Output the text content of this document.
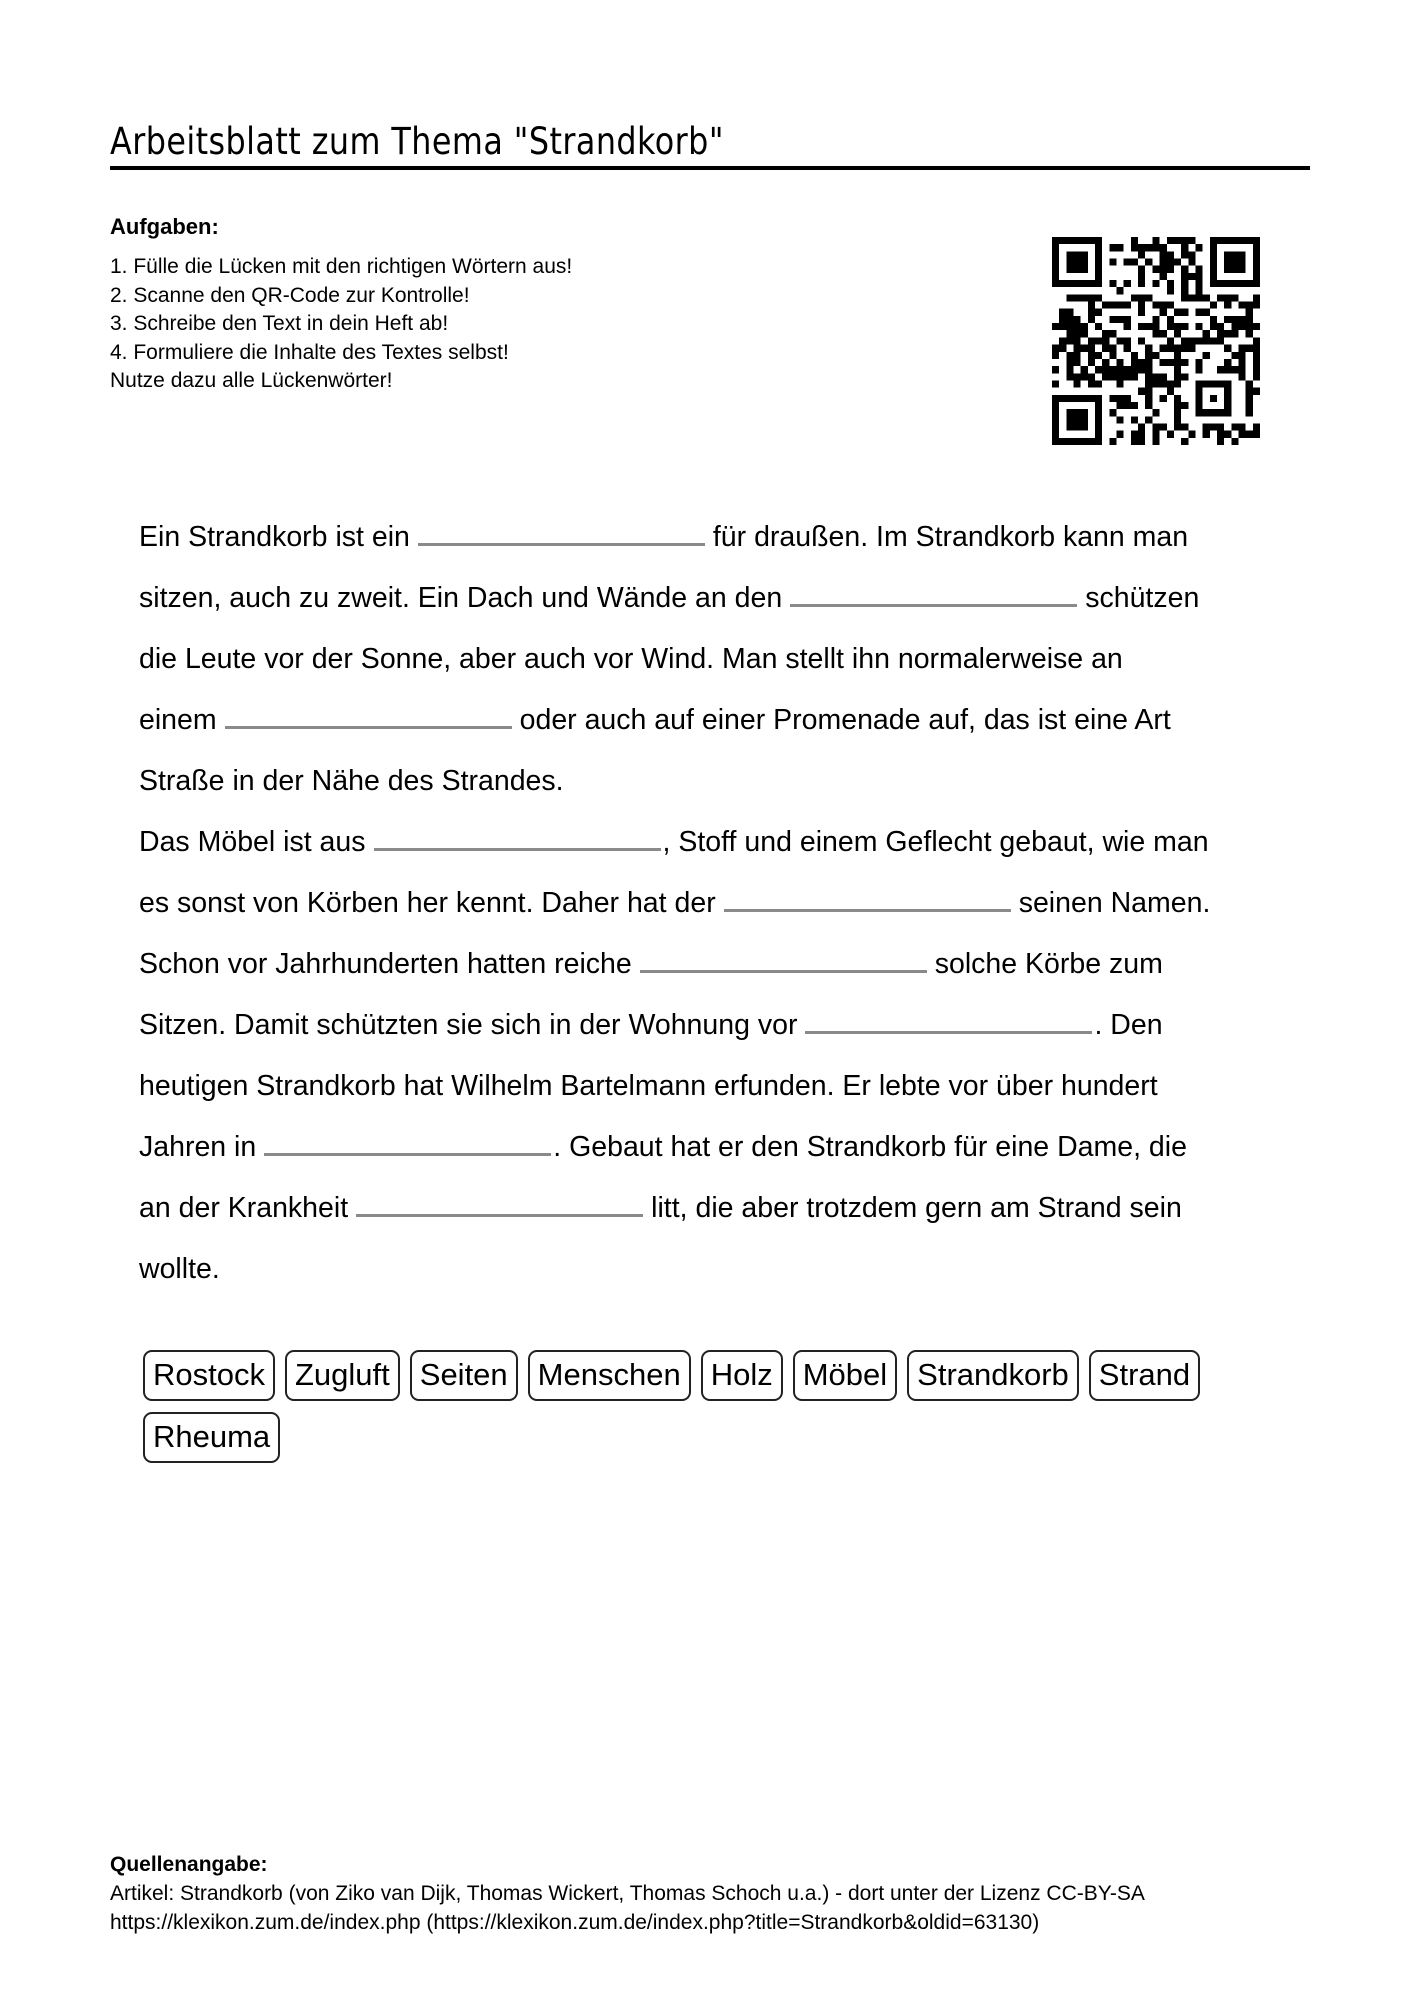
Arbeitsblatt zum Thema "Strandkorb"
Aufgaben:
1. Fülle die Lücken mit den richtigen Wörtern aus!
2. Scanne den QR-Code zur Kontrolle!
3. Schreibe den Text in dein Heft ab!
4. Formuliere die Inhalte des Textes selbst!
Nutze dazu alle Lückenwörter!
Ein Strandkorb ist ein	für draußen. Im Strandkorb kann man
sitzen, auch zu zweit. Ein Dach und Wände an den	schützen
die Leute vor der Sonne, aber auch vor Wind. Man stellt ihn normalerweise an
einem	oder auch auf einer Promenade auf, das ist eine Art
Straße in der Nähe des Strandes.
Das Möbel ist aus	, Stoff und einem Geflecht gebaut, wie man
es sonst von Körben her kennt. Daher hat der	seinen Namen.
Schon vor Jahrhunderten hatten reiche	solche Körbe zum
Sitzen. Damit schützten sie sich in der Wohnung vor	. Den
heutigen Strandkorb hat Wilhelm Bartelmann erfunden. Er lebte vor über hundert
Jahren in	. Gebaut hat er den Strandkorb für eine Dame, die
an der Krankheit	litt, die aber trotzdem gern am Strand sein
wollte.
Rostock Zugluft Seiten Menschen Holz Möbel Strandkorb Strand
Rheuma
Quellenangabe:
Artikel: Strandkorb (von Ziko van Dijk, Thomas Wickert, Thomas Schoch u.a.) - dort unter der Lizenz CC-BY-SA
https://klexikon.zum.de/index.php (https://klexikon.zum.de/index.php?title=Strandkorb&oldid=63130)
